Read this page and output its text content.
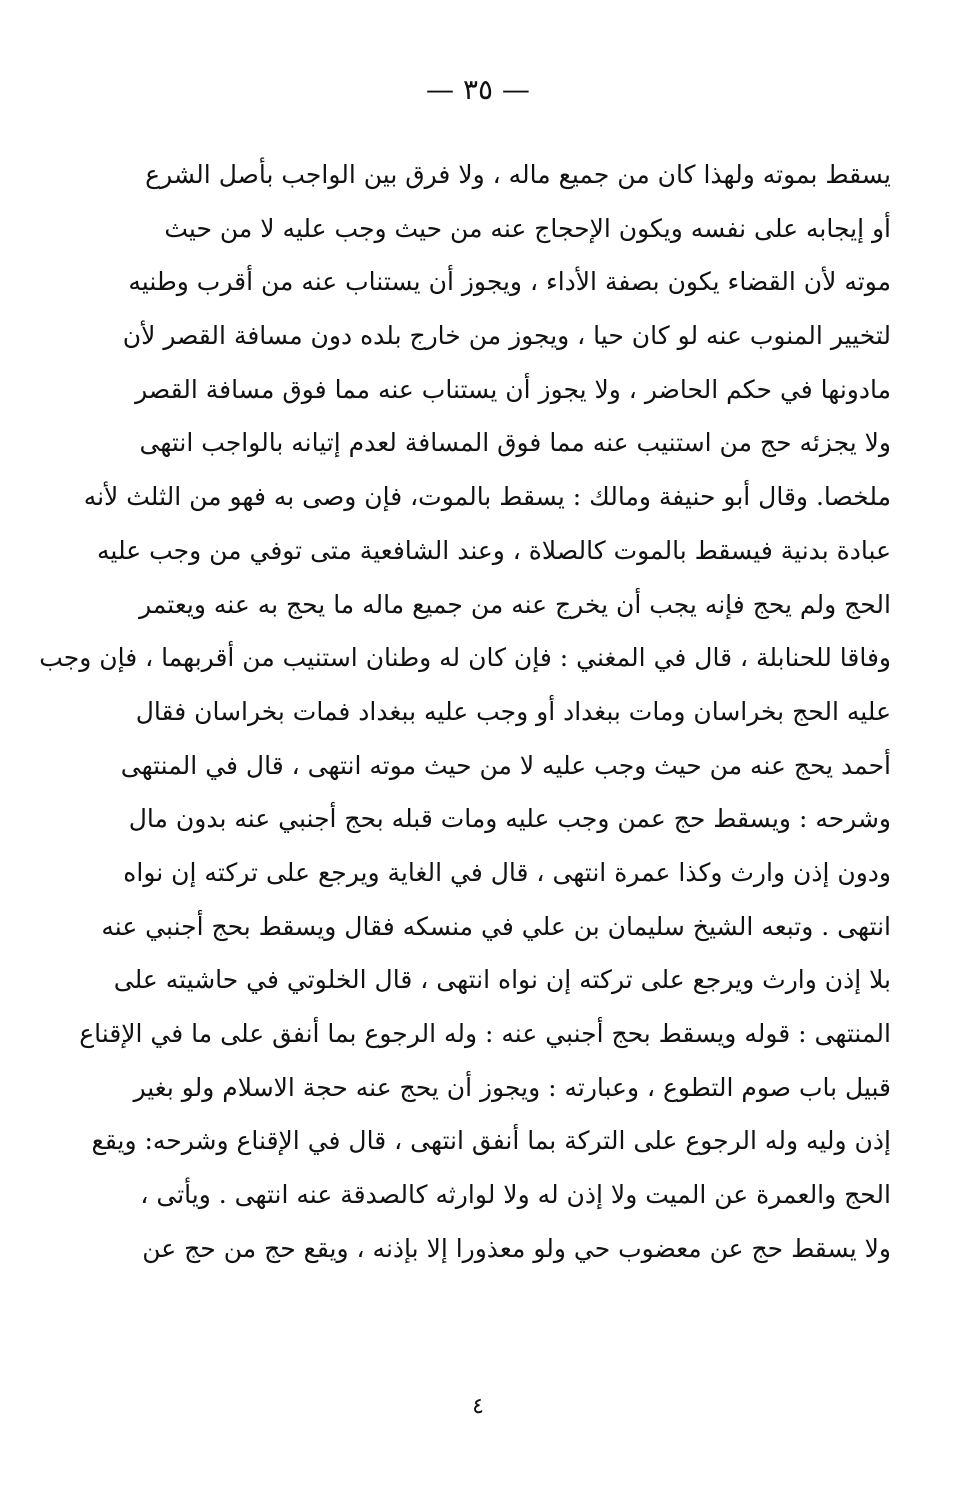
— ٣٥ —
يسقط بموته ولهذا كان من جميع ماله ، ولا فرق بين الواجب بأصل الشرع
أو إيجابه على نفسه ويكون الإحجاج عنه من حيث وجب عليه لا من حيث
موته لأن القضاء يكون بصفة الأداء ، ويجوز أن يستناب عنه من أقرب وطنيه
لتخيير المنوب عنه لو كان حيا ، ويجوز من خارج بلده دون مسافة القصر لأن
مادونها في حكم الحاضر ، ولا يجوز أن يستناب عنه مما فوق مسافة القصر
ولا يجزئه حج من استنيب عنه مما فوق المسافة لعدم إتيانه بالواجب انتهى
ملخصا. وقال أبو حنيفة ومالك : يسقط بالموت، فإن وصى به فهو من الثلث لأنه
عبادة بدنية فيسقط بالموت كالصلاة ، وعند الشافعية متى توفي من وجب عليه
الحج ولم يحج فإنه يجب أن يخرج عنه من جميع ماله ما يحج به عنه ويعتمر
وفاقا للحنابلة ، قال في المغني : فإن كان له وطنان استنيب من أقربهما ، فإن وجب
عليه الحج بخراسان ومات ببغداد أو وجب عليه ببغداد فمات بخراسان فقال
أحمد يحج عنه من حيث وجب عليه لا من حيث موته انتهى ، قال في المنتهى
وشرحه : ويسقط حج عمن وجب عليه ومات قبله بحج أجنبي عنه بدون مال
ودون إذن وارث وكذا عمرة انتهى ، قال في الغاية ويرجع على تركته إن نواه
انتهى . وتبعه الشيخ سليمان بن علي في منسكه فقال ويسقط بحج أجنبي عنه
بلا إذن وارث ويرجع على تركته إن نواه انتهى ، قال الخلوتي في حاشيته على
المنتهى : قوله ويسقط بحج أجنبي عنه : وله الرجوع بما أنفق على ما في الإقناع
قبيل باب صوم التطوع ، وعبارته : ويجوز أن يحج عنه حجة الاسلام ولو بغير
إذن وليه وله الرجوع على التركة بما أنفق انتهى ، قال في الإقناع وشرحه: ويقع
الحج والعمرة عن الميت ولا إذن له ولا لوارثه كالصدقة عنه انتهى . ويأتى ،
ولا يسقط حج عن معضوب حي ولو معذورا إلا بإذنه ، ويقع حج من حج عن
٤
